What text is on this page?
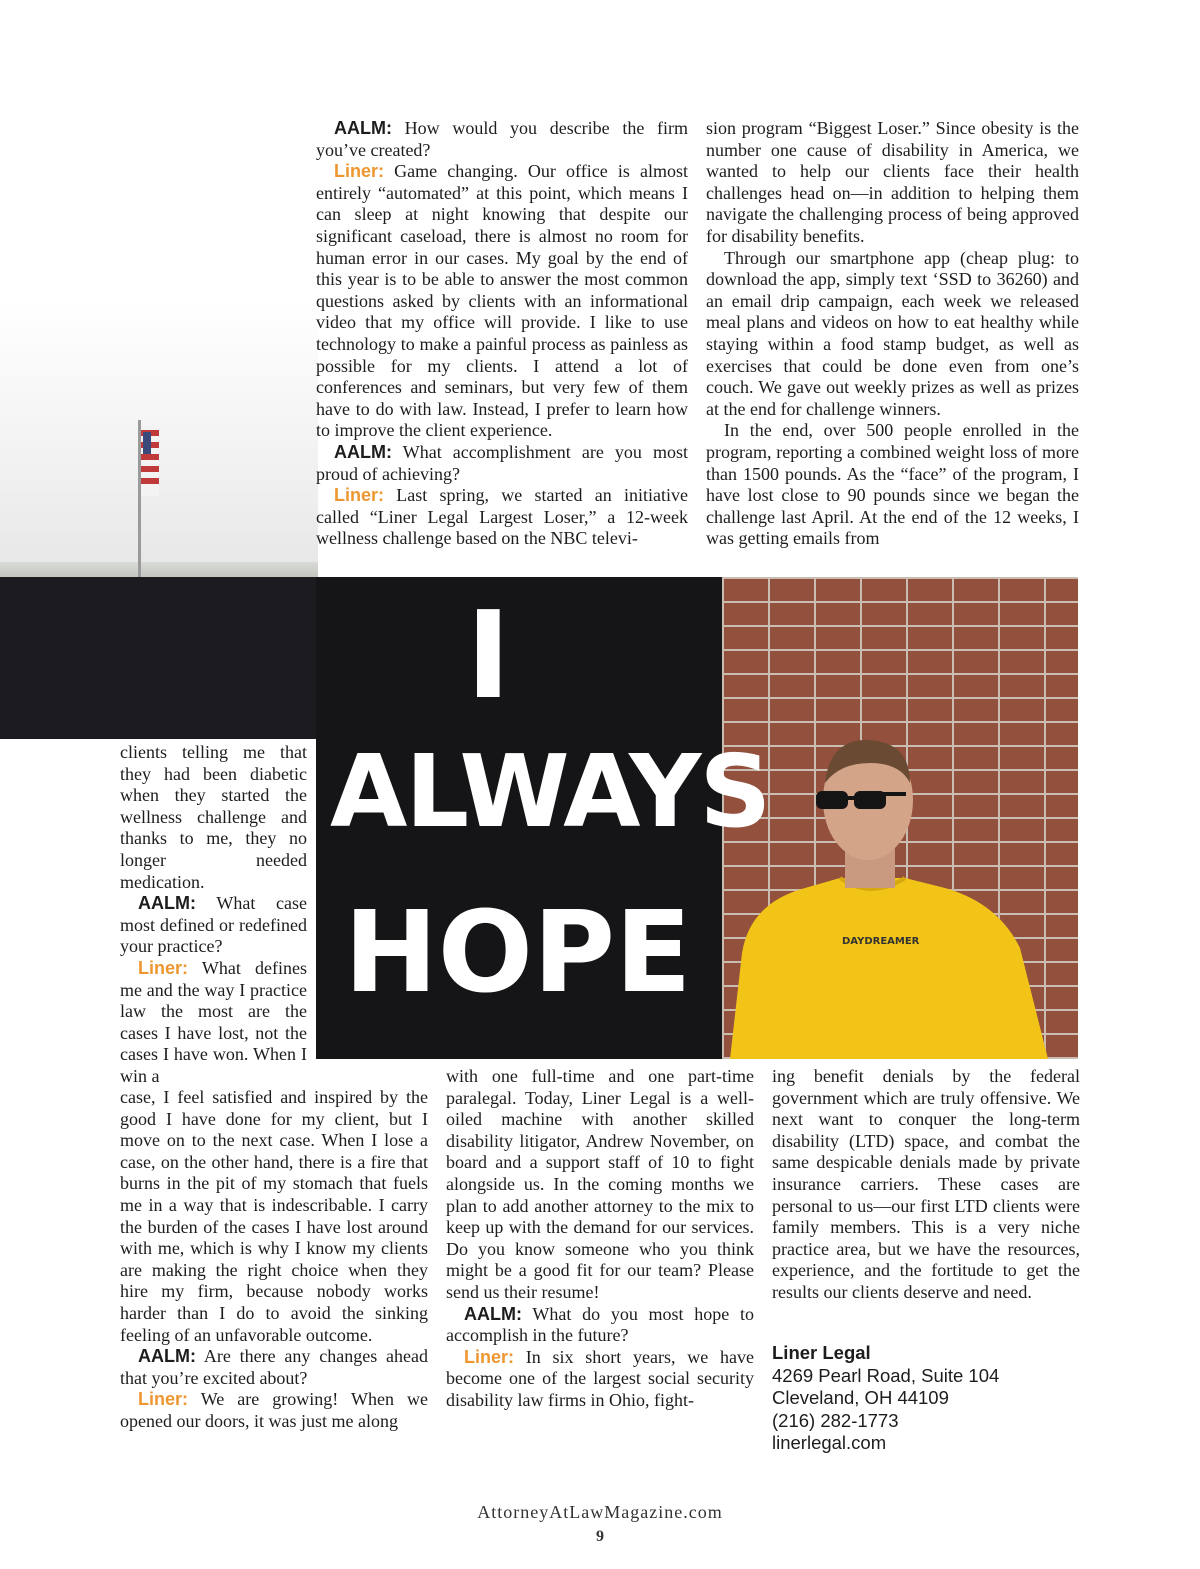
I
ALWAYS
HOPE	DAYDREAMER

AALM: How would you describe the firm you’ve created?

Liner: Game changing. Our office is almost entirely “automated” at this point, which means I can sleep at night knowing that despite our significant caseload, there is almost no room for human error in our cases. My goal by the end of this year is to be able to answer the most common questions asked by clients with an informational video that my office will provide. I like to use technology to make a painful process as painless as possible for my clients. I attend a lot of conferences and seminars, but very few of them have to do with law. Instead, I prefer to learn how to improve the client experience.

AALM: What accomplishment are you most proud of achieving?

Liner: Last spring, we started an initiative called “Liner Legal Largest Loser,” a 12-week wellness challenge based on the NBC televi-

sion program “Biggest Loser.” Since obesity is the number one cause of disability in America, we wanted to help our clients face their health challenges head on—in addition to helping them navigate the challenging process of being approved for disability benefits.

Through our smartphone app (cheap plug: to download the app, simply text ‘SSD to 36260) and an email drip campaign, each week we released meal plans and videos on how to eat healthy while staying within a food stamp budget, as well as exercises that could be done even from one’s couch. We gave out weekly prizes as well as prizes at the end for challenge winners.

In the end, over 500 people enrolled in the program, reporting a combined weight loss of more than 1500 pounds. As the “face” of the program, I have lost close to 90 pounds since we began the challenge last April. At the end of the 12 weeks, I was getting emails from

clients telling me that they had been diabetic when they started the wellness challenge and thanks to me, they no longer needed medication.

AALM: What case most defined or redefined your practice?

Liner: What defines me and the way I practice law the most are the cases I have lost, not the cases I have won. When I win a

case, I feel satisfied and inspired by the good I have done for my client, but I move on to the next case. When I lose a case, on the other hand, there is a fire that burns in the pit of my stomach that fuels me in a way that is indescribable. I carry the burden of the cases I have lost around with me, which is why I know my clients are making the right choice when they hire my firm, because nobody works harder than I do to avoid the sinking feeling of an unfavorable outcome.

AALM: Are there any changes ahead that you’re excited about?

Liner: We are growing! When we opened our doors, it was just me along

with one full-time and one part-time paralegal. Today, Liner Legal is a well-oiled machine with another skilled disability litigator, Andrew November, on board and a support staff of 10 to fight alongside us. In the coming months we plan to add another attorney to the mix to keep up with the demand for our services. Do you know someone who you think might be a good fit for our team? Please send us their resume!

AALM: What do you most hope to accomplish in the future?

Liner: In six short years, we have become one of the largest social security disability law firms in Ohio, fight-

ing benefit denials by the federal government which are truly offensive. We next want to conquer the long-term disability (LTD) space, and combat the same despicable denials made by private insurance carriers. These cases are personal to us—our first LTD clients were family members. This is a very niche practice area, but we have the resources, experience, and the fortitude to get the results our clients deserve and need.

Liner Legal
4269 Pearl Road, Suite 104
Cleveland, OH 44109
(216) 282-1773
linerlegal.com
AttorneyAtLawMagazine.com
9
